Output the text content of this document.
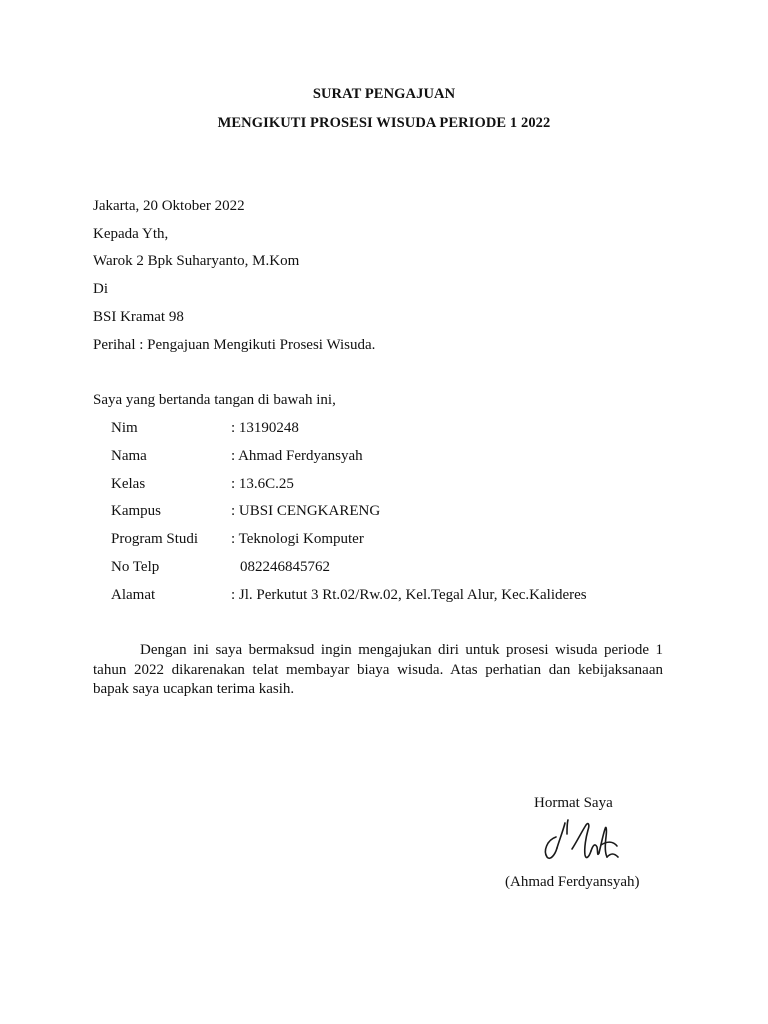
SURAT PENGAJUAN
MENGIKUTI PROSESI WISUDA PERIODE 1 2022
Jakarta, 20 Oktober 2022
Kepada Yth,
Warok 2 Bpk Suharyanto, M.Kom
Di
BSI Kramat 98
Perihal : Pengajuan Mengikuti Prosesi Wisuda.
Saya yang bertanda tangan di bawah ini,
Nim	: 13190248
Nama	: Ahmad Ferdyansyah
Kelas	: 13.6C.25
Kampus	: UBSI CENGKARENG
Program Studi : Teknologi Komputer
No Telp	082246845762
Alamat	: Jl. Perkutut 3 Rt.02/Rw.02, Kel.Tegal Alur, Kec.Kalideres
Dengan ini saya bermaksud ingin mengajukan diri untuk prosesi wisuda periode 1 tahun 2022 dikarenakan telat membayar biaya wisuda. Atas perhatian dan kebijaksanaan bapak saya ucapkan terima kasih.
Hormat Saya
(Ahmad Ferdyansyah)
